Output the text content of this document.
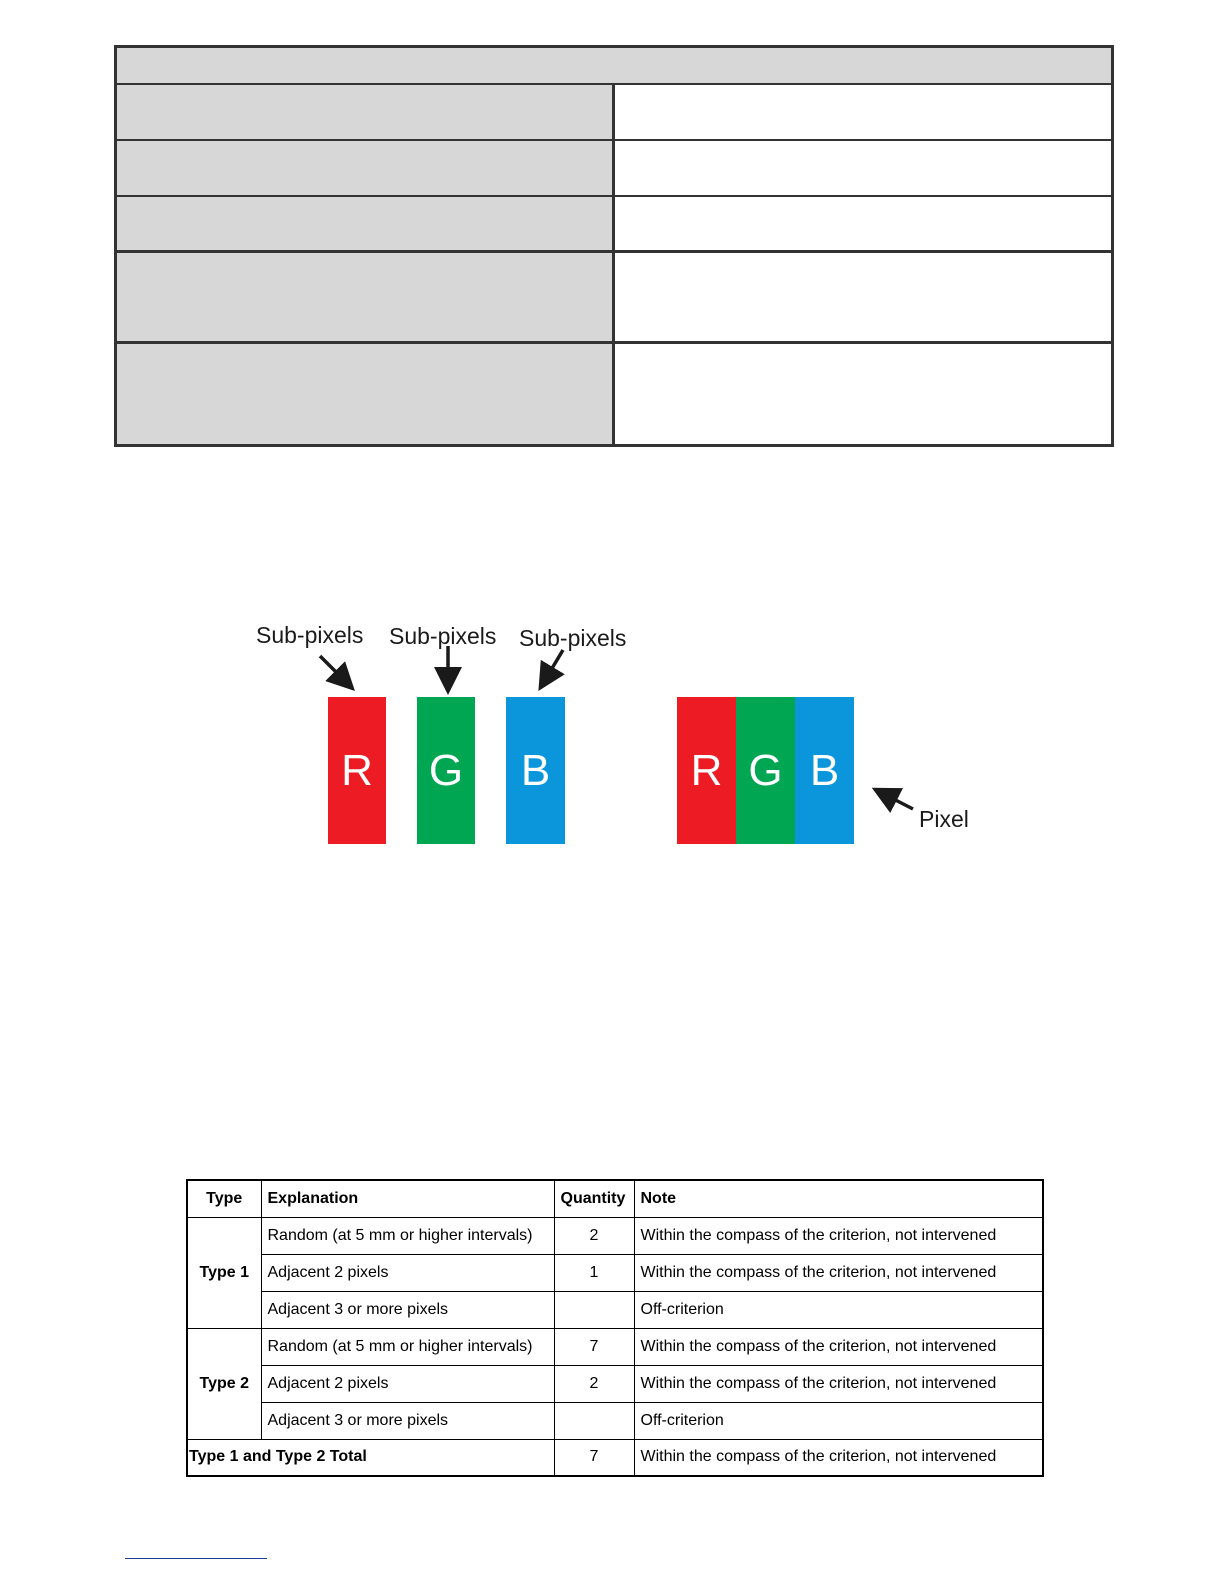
Sub-pixels Sub-pixels Sub-pixels
Pixel
R G B	R G B
Type	Explanation	Quantity	Note
Type 1	Random (at 5 mm or higher intervals)	2	Within the compass of the criterion, not intervened
	Adjacent 2 pixels	1	Within the compass of the criterion, not intervened
	Adjacent 3 or more pixels		Off-criterion
Type 2	Random (at 5 mm or higher intervals)	7	Within the compass of the criterion, not intervened
	Adjacent 2 pixels	2	Within the compass of the criterion, not intervened
	Adjacent 3 or more pixels		Off-criterion
Type 1 and Type 2 Total		7	Within the compass of the criterion, not intervened
